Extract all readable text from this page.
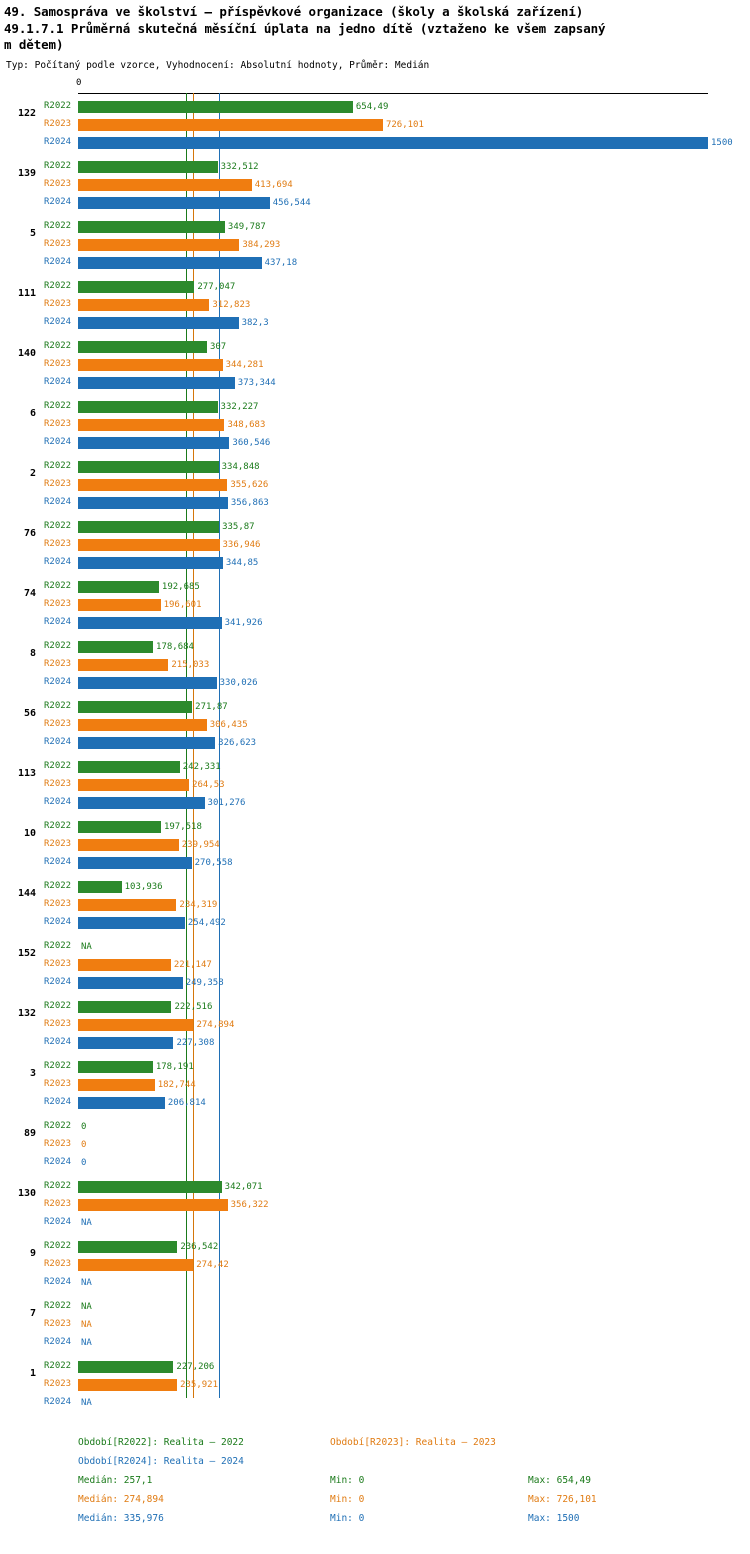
49. Samospráva ve školství – příspěvkové organizace (školy a školská zařízení)
49.1.7.1 Průměrná skutečná měsíční úplata na jedno dítě (vztaženo ke všem zapsaný
m dětem)
Typ: Počítaný podle vzorce, Vyhodnocení: Absolutní hodnoty, Průměr: Medián
0
122
R2022	654,49
R2023	726,101
R2024	1500
139
R2022	332,512
R2023	413,694
R2024	456,544
5
R2022	349,787
R2023	384,293
R2024	437,18
111
R2022	277,047
R2023	312,823
R2024	382,3
140
R2022	307
R2023	344,281
R2024	373,344
6
R2022	332,227
R2023	348,683
R2024	360,546
2
R2022	334,848
R2023	355,626
R2024	356,863
76
R2022	335,87
R2023	336,946
R2024	344,85
74
R2022	192,685
R2023	196,601
R2024	341,926
8
R2022	178,684
R2023	215,033
R2024	330,026
56
R2022	271,87
R2023	306,435
R2024	326,623
113
R2022	242,331
R2023	264,53
R2024	301,276
10
R2022	197,518
R2023	239,954
R2024	270,558
144
R2022	103,936
R2023	234,319
R2024	254,492
152
R2022	NA
R2023	221,147
R2024	249,358
132
R2022	222,516
R2023	274,894
R2024	227,308
3
R2022	178,191
R2023	182,744
R2024	206,814
89
R2022	0
R2023	0
R2024	0
130
R2022	342,071
R2023	356,322
R2024	NA
9
R2022	236,542
R2023	274,42
R2024	NA
7
R2022	NA
R2023	NA
R2024	NA
1
R2022	227,206
R2023	235,921
R2024	NA
Období[R2022]: Realita – 2022	Období[R2023]: Realita – 2023
Období[R2024]: Realita – 2024
Medián: 257,1	Min: 0	Max: 654,49
Medián: 274,894	Min: 0	Max: 726,101
Medián: 335,976	Min: 0	Max: 1500
